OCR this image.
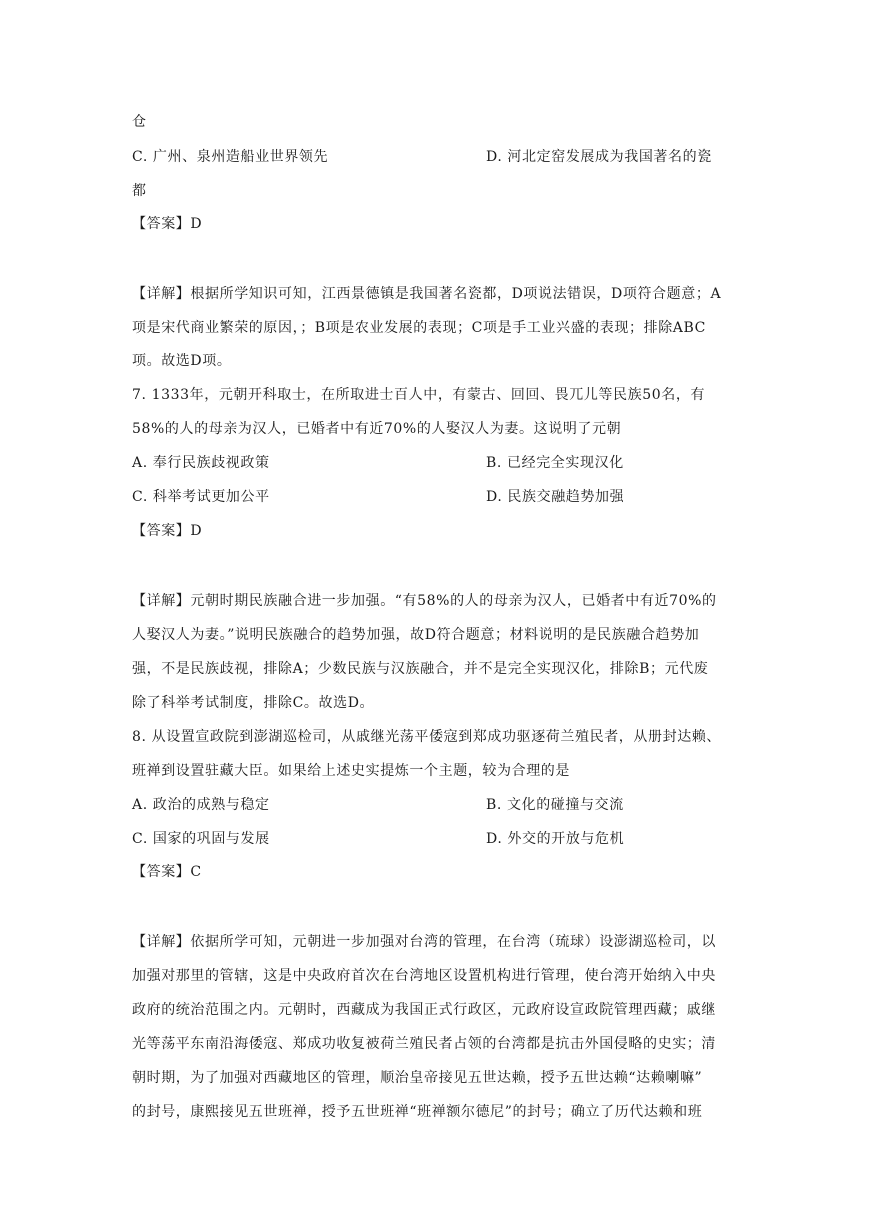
仓
C. 广州、泉州造船业世界领先	D. 河北定窑发展成为我国著名的瓷
都
【答案】D
【详解】根据所学知识可知，江西景德镇是我国著名瓷都，D项说法错误，D项符合题意；A
项是宋代商业繁荣的原因，；B项是农业发展的表现；C项是手工业兴盛的表现；排除ABC
项。故选D项。
7. 1333年，元朝开科取士，在所取进士百人中，有蒙古、回回、畏兀儿等民族50名，有
58%的人的母亲为汉人，已婚者中有近70%的人娶汉人为妻。这说明了元朝
A. 奉行民族歧视政策	B. 已经完全实现汉化
C. 科举考试更加公平	D. 民族交融趋势加强
【答案】D
【详解】元朝时期民族融合进一步加强。“有58%的人的母亲为汉人，已婚者中有近70%的
人娶汉人为妻。”说明民族融合的趋势加强，故D符合题意；材料说明的是民族融合趋势加
强，不是民族歧视，排除A；少数民族与汉族融合，并不是完全实现汉化，排除B；元代废
除了科举考试制度，排除C。故选D。
8. 从设置宣政院到澎湖巡检司，从戚继光荡平倭寇到郑成功驱逐荷兰殖民者，从册封达赖、
班禅到设置驻藏大臣。如果给上述史实提炼一个主题，较为合理的是
A. 政治的成熟与稳定	B. 文化的碰撞与交流
C. 国家的巩固与发展	D. 外交的开放与危机
【答案】C
【详解】依据所学可知，元朝进一步加强对台湾的管理，在台湾（琉球）设澎湖巡检司，以
加强对那里的管辖，这是中央政府首次在台湾地区设置机构进行管理，使台湾开始纳入中央
政府的统治范围之内。元朝时，西藏成为我国正式行政区，元政府设宣政院管理西藏；戚继
光等荡平东南沿海倭寇、郑成功收复被荷兰殖民者占领的台湾都是抗击外国侵略的史实；清
朝时期，为了加强对西藏地区的管理，顺治皇帝接见五世达赖，授予五世达赖“达赖喇嘛”
的封号，康熙接见五世班禅，授予五世班禅“班禅额尔德尼”的封号；确立了历代达赖和班
